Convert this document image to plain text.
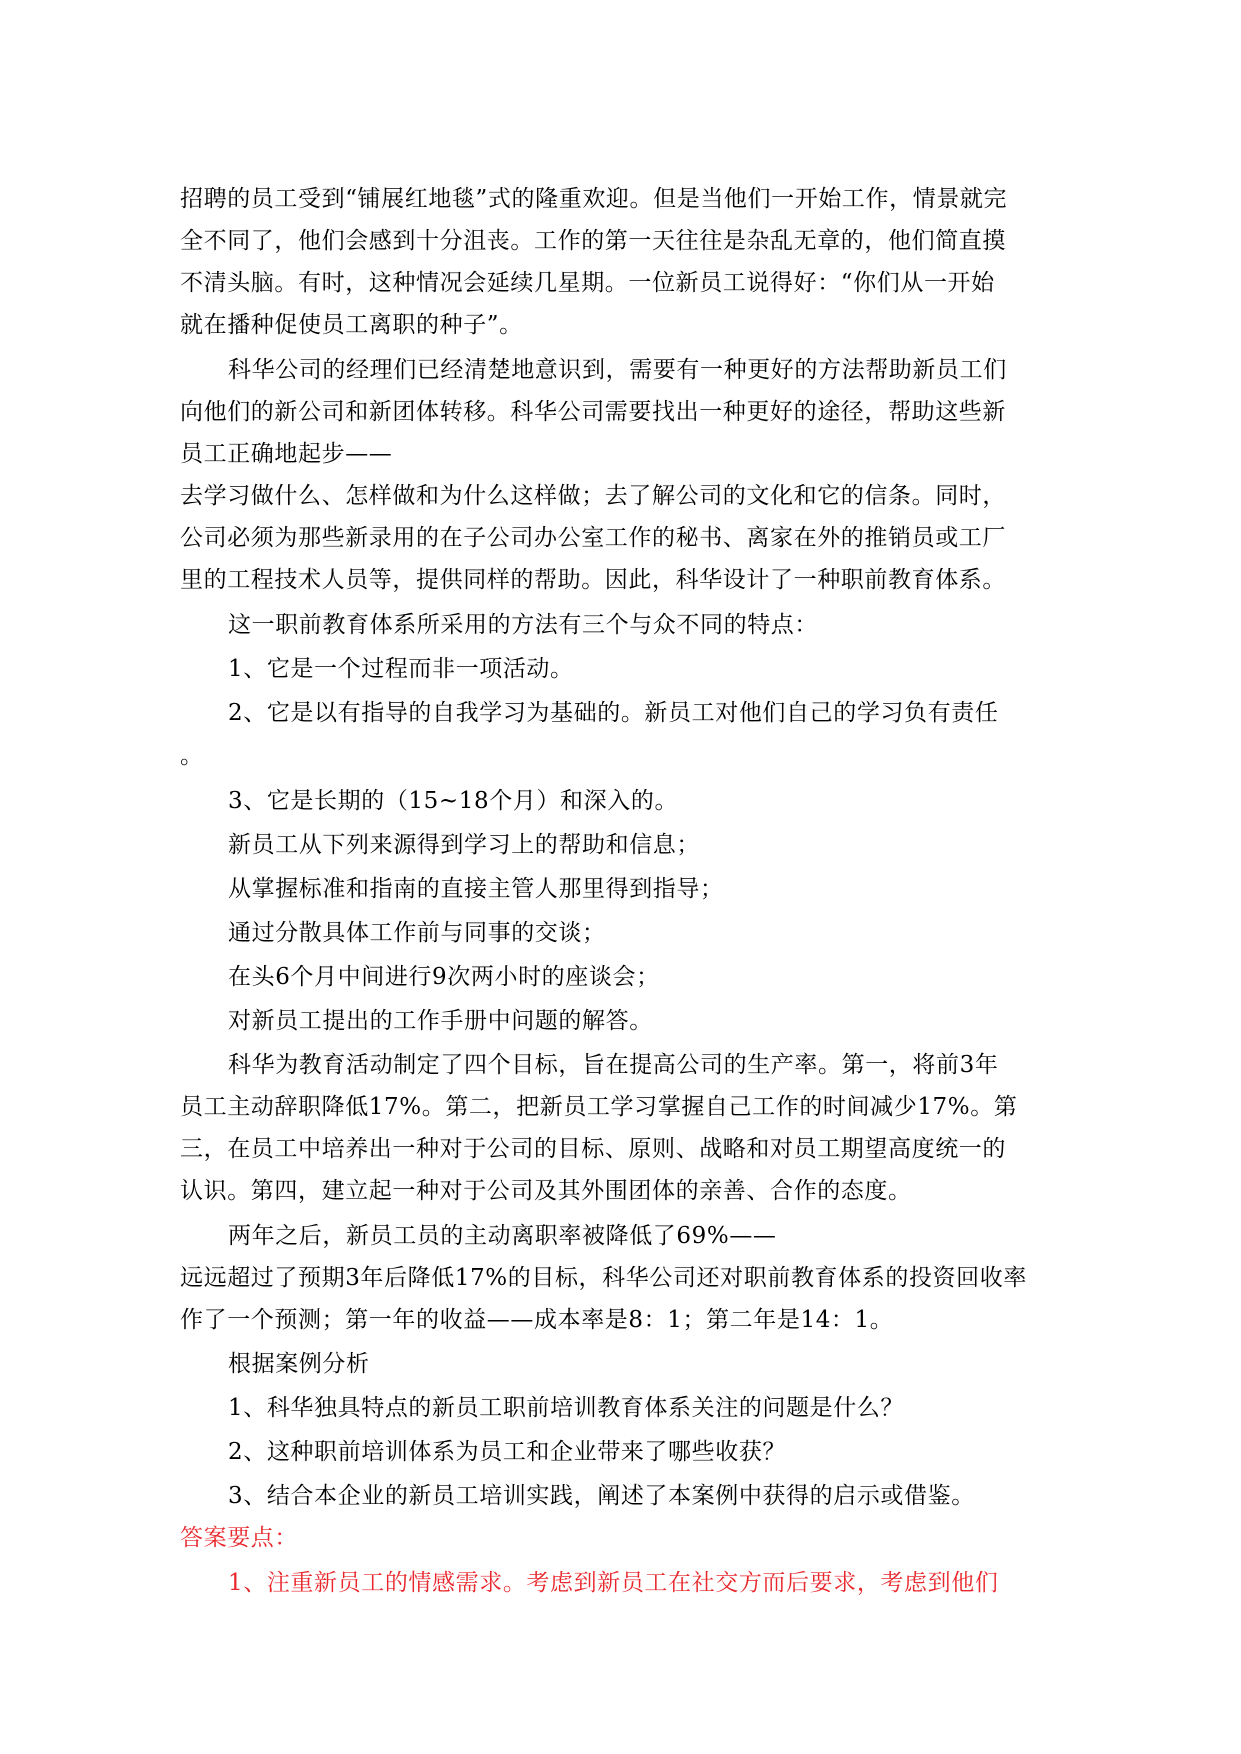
招聘的员工受到“铺展红地毯”式的隆重欢迎。但是当他们一开始工作，情景就完
全不同了，他们会感到十分沮丧。工作的第一天往往是杂乱无章的，他们简直摸
不清头脑。有时，这种情况会延续几星期。一位新员工说得好：“你们从一开始
就在播种促使员工离职的种子”。
科华公司的经理们已经清楚地意识到，需要有一种更好的方法帮助新员工们
向他们的新公司和新团体转移。科华公司需要找出一种更好的途径，帮助这些新
员工正确地起步——
去学习做什么、怎样做和为什么这样做；去了解公司的文化和它的信条。同时，
公司必须为那些新录用的在子公司办公室工作的秘书、离家在外的推销员或工厂
里的工程技术人员等，提供同样的帮助。因此，科华设计了一种职前教育体系。
这一职前教育体系所采用的方法有三个与众不同的特点：
1、它是一个过程而非一项活动。
2、它是以有指导的自我学习为基础的。新员工对他们自己的学习负有责任
。
3、它是长期的（15~18个月）和深入的。
新员工从下列来源得到学习上的帮助和信息；
从掌握标准和指南的直接主管人那里得到指导；
通过分散具体工作前与同事的交谈；
在头6个月中间进行9次两小时的座谈会；
对新员工提出的工作手册中问题的解答。
科华为教育活动制定了四个目标，旨在提高公司的生产率。第一，将前3年
员工主动辞职降低17%。第二，把新员工学习掌握自己工作的时间减少17%。第
三，在员工中培养出一种对于公司的目标、原则、战略和对员工期望高度统一的
认识。第四，建立起一种对于公司及其外围团体的亲善、合作的态度。
两年之后，新员工员的主动离职率被降低了69%——
远远超过了预期3年后降低17%的目标，科华公司还对职前教育体系的投资回收率
作了一个预测；第一年的收益——成本率是8：1；第二年是14：1。
根据案例分析
1、科华独具特点的新员工职前培训教育体系关注的问题是什么？
2、这种职前培训体系为员工和企业带来了哪些收获？
3、结合本企业的新员工培训实践，阐述了本案例中获得的启示或借鉴。
答案要点：
1、注重新员工的情感需求。考虑到新员工在社交方而后要求，考虑到他们
